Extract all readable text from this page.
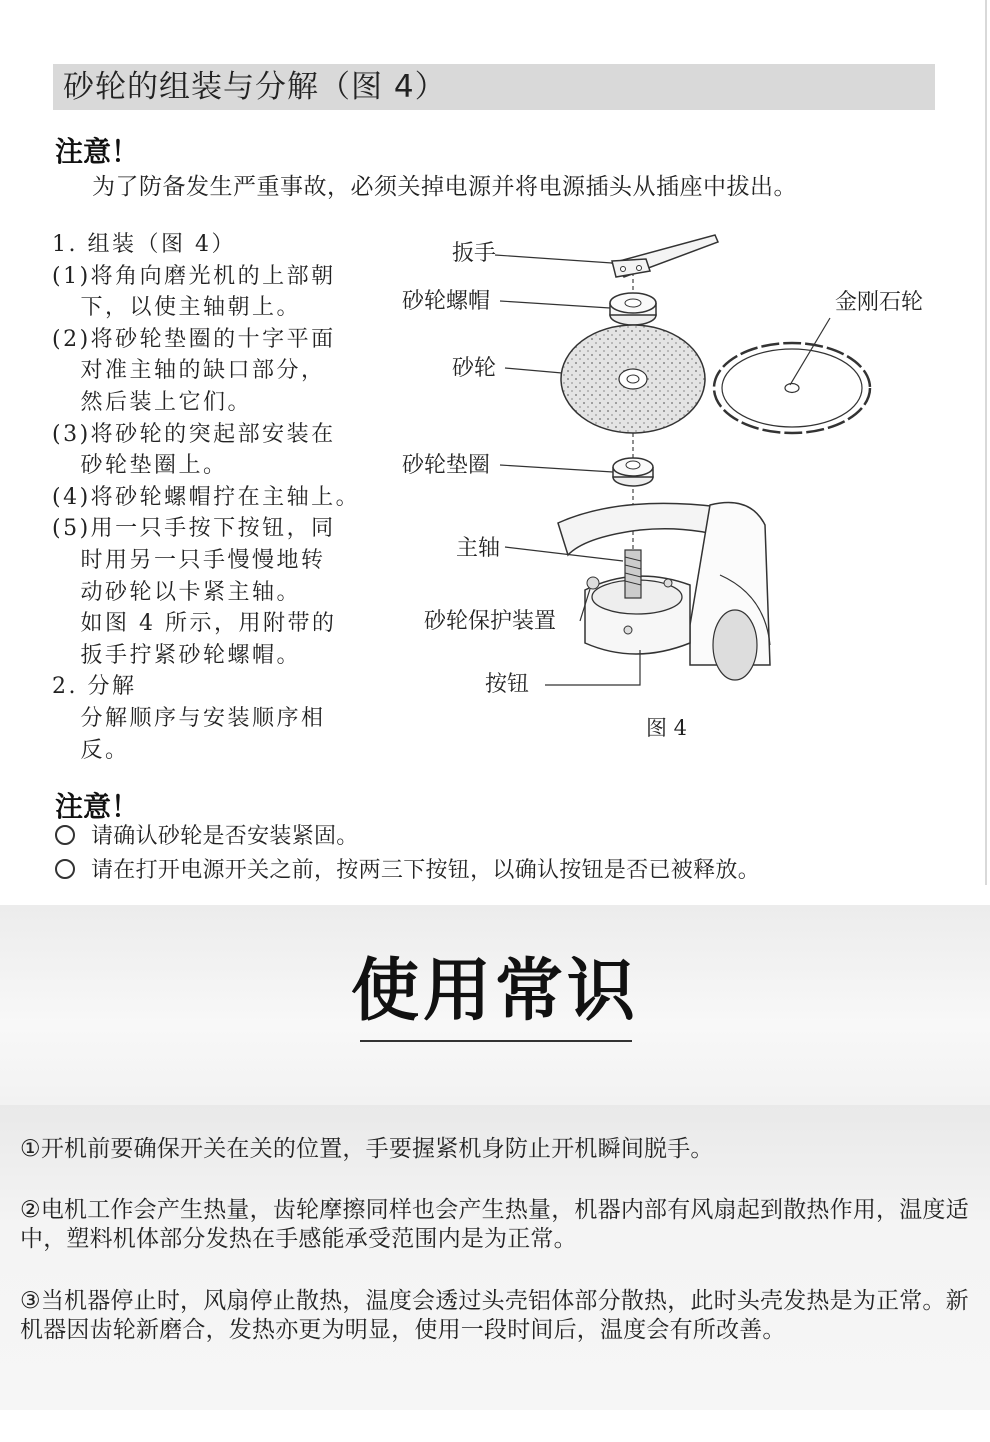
砂轮的组装与分解（图 4）
注意！
为了防备发生严重事故，必须关掉电源并将电源插头从插座中拔出。
1. 组装（图 4）
(1)将角向磨光机的上部朝
下，以使主轴朝上。
(2)将砂轮垫圈的十字平面
对准主轴的缺口部分，
然后装上它们。
(3)将砂轮的突起部安装在
砂轮垫圈上。
(4)将砂轮螺帽拧在主轴上。
(5)用一只手按下按钮，同
时用另一只手慢慢地转
动砂轮以卡紧主轴。
如图 4 所示，用附带的
扳手拧紧砂轮螺帽。
2. 分解
分解顺序与安装顺序相
反。
扳手
砂轮螺帽	金刚石轮
砂轮
砂轮垫圈
主轴
砂轮保护装置
按钮
图 4
注意！
请确认砂轮是否安装紧固。
请在打开电源开关之前，按两三下按钮，以确认按钮是否已被释放。
使用常识
①开机前要确保开关在关的位置，手要握紧机身防止开机瞬间脱手。
②电机工作会产生热量，齿轮摩擦同样也会产生热量，机器内部有风扇起到散热作用，温度适中，塑料机体部分发热在手感能承受范围内是为正常。
③当机器停止时，风扇停止散热，温度会透过头壳铝体部分散热，此时头壳发热是为正常。新机器因齿轮新磨合，发热亦更为明显，使用一段时间后，温度会有所改善。
